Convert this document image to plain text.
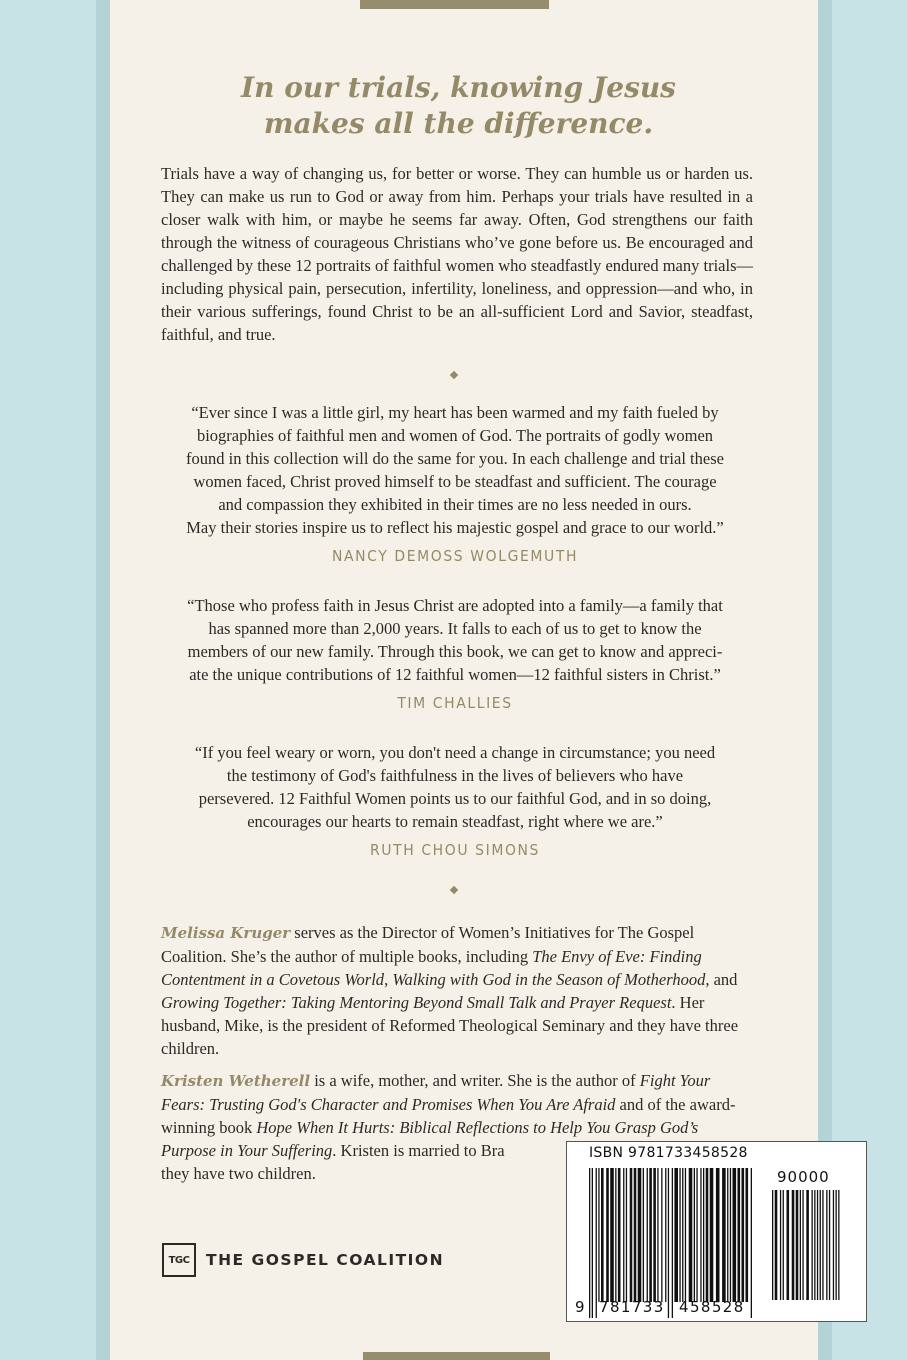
In our trials, knowing Jesus
makes all the difference.

Trials have a way of changing us, for better or worse. They can humble us or harden us. They can make us run to God or away from him. Perhaps your trials have resulted in a closer walk with him, or maybe he seems far away. Often, God strengthens our faith through the witness of courageous Christians who’ve gone before us. Be encouraged and challenged by these 12 portraits of faithful women who steadfastly endured many trials—including physical pain, persecution, infertility, loneliness, and oppression—and who, in their various sufferings, found Christ to be an all-sufficient Lord and Savior, steadfast, faithful, and true.

“Ever since I was a little girl, my heart has been warmed and my faith fueled by
biographies of faithful men and women of God. The portraits of godly women
found in this collection will do the same for you. In each challenge and trial these
women faced, Christ proved himself to be steadfast and sufficient. The courage
and compassion they exhibited in their times are no less needed in ours.
May their stories inspire us to reflect his majestic gospel and grace to our world.”
NANCY DEMOSS WOLGEMUTH
“Those who profess faith in Jesus Christ are adopted into a family—a family that
has spanned more than 2,000 years. It falls to each of us to get to know the
members of our new family. Through this book, we can get to know and appreci-
ate the unique contributions of 12 faithful women—12 faithful sisters in Christ.”
TIM CHALLIES
“If you feel weary or worn, you don't need a change in circumstance; you need
the testimony of God's faithfulness in the lives of believers who have
persevered. 12 Faithful Women points us to our faithful God, and in so doing,
encourages our hearts to remain steadfast, right where we are.”
RUTH CHOU SIMONS

Melissa Kruger serves as the Director of Women’s Initiatives for The Gospel Coalition. She’s the author of multiple books, including The Envy of Eve: Finding Contentment in a Covetous World, Walking with God in the Season of Motherhood, and Growing Together: Taking Mentoring Beyond Small Talk and Prayer Request. Her husband, Mike, is the president of Reformed Theological Seminary and they have three children.

Kristen Wetherell is a wife, mother, and writer. She is the author of Fight Your Fears: Trusting God's Character and Promises When You Are Afraid and of the award-winning book Hope When It Hurts: Biblical Reflections to Help You Grasp God’s Purpose in Your Suffering. Kristen is married to Bra
they have two children.
TGC	THE GOSPEL COALITION
ISBN 9781733458528
9 781733 458528
90000
